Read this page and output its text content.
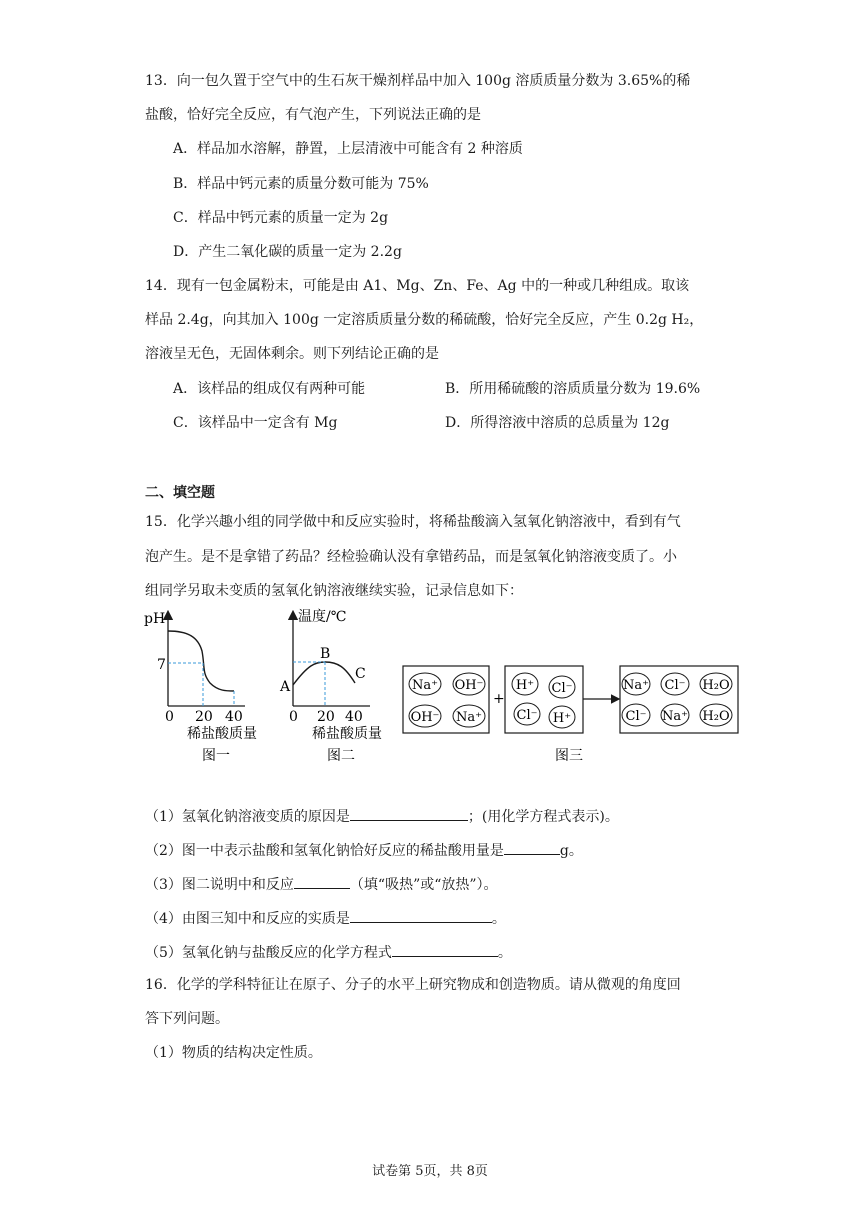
13．向一包久置于空气中的生石灰干燥剂样品中加入 100g 溶质质量分数为 3.65%的稀
盐酸，恰好完全反应，有气泡产生，下列说法正确的是
A．样品加水溶解，静置，上层清液中可能含有 2 种溶质
B．样品中钙元素的质量分数可能为 75%
C．样品中钙元素的质量一定为 2g
D．产生二氧化碳的质量一定为 2.2g
14．现有一包金属粉末，可能是由 A1、Mg、Zn、Fe、Ag 中的一种或几种组成。取该
样品 2.4g，向其加入 100g 一定溶质质量分数的稀硫酸，恰好完全反应，产生 0.2g H₂，
溶液呈无色，无固体剩余。则下列结论正确的是
A．该样品的组成仅有两种可能	B．所用稀硫酸的溶质质量分数为 19.6%
C．该样品中一定含有 Mg	D．所得溶液中溶质的总质量为 12g
二、填空题
15．化学兴趣小组的同学做中和反应实验时，将稀盐酸滴入氢氧化钠溶液中，看到有气
泡产生。是不是拿错了药品？经检验确认没有拿错药品，而是氢氧化钠溶液变质了。小
组同学另取未变质的氢氧化钠溶液继续实验，记录信息如下：
pH
7
0 20 40
稀盐酸质量
图一
温度/℃
A
B
C
0 20 40
稀盐酸质量
图二
Na⁺ OH⁻
OH⁻ Na⁺
+
H⁺ Cl⁻
Cl⁻ H⁺
Na⁺ Cl⁻ H₂O
Cl⁻ Na⁺ H₂O
图三
（1）氢氧化钠溶液变质的原因是	；(用化学方程式表示)。
（2）图一中表示盐酸和氢氧化钠恰好反应的稀盐酸用量是	g。
（3）图二说明中和反应	（填“吸热”或“放热”）。
（4）由图三知中和反应的实质是	。
（5）氢氧化钠与盐酸反应的化学方程式	。
16．化学的学科特征让在原子、分子的水平上研究物成和创造物质。请从微观的角度回
答下列问题。
（1）物质的结构决定性质。
试卷第 5页，共 8页
